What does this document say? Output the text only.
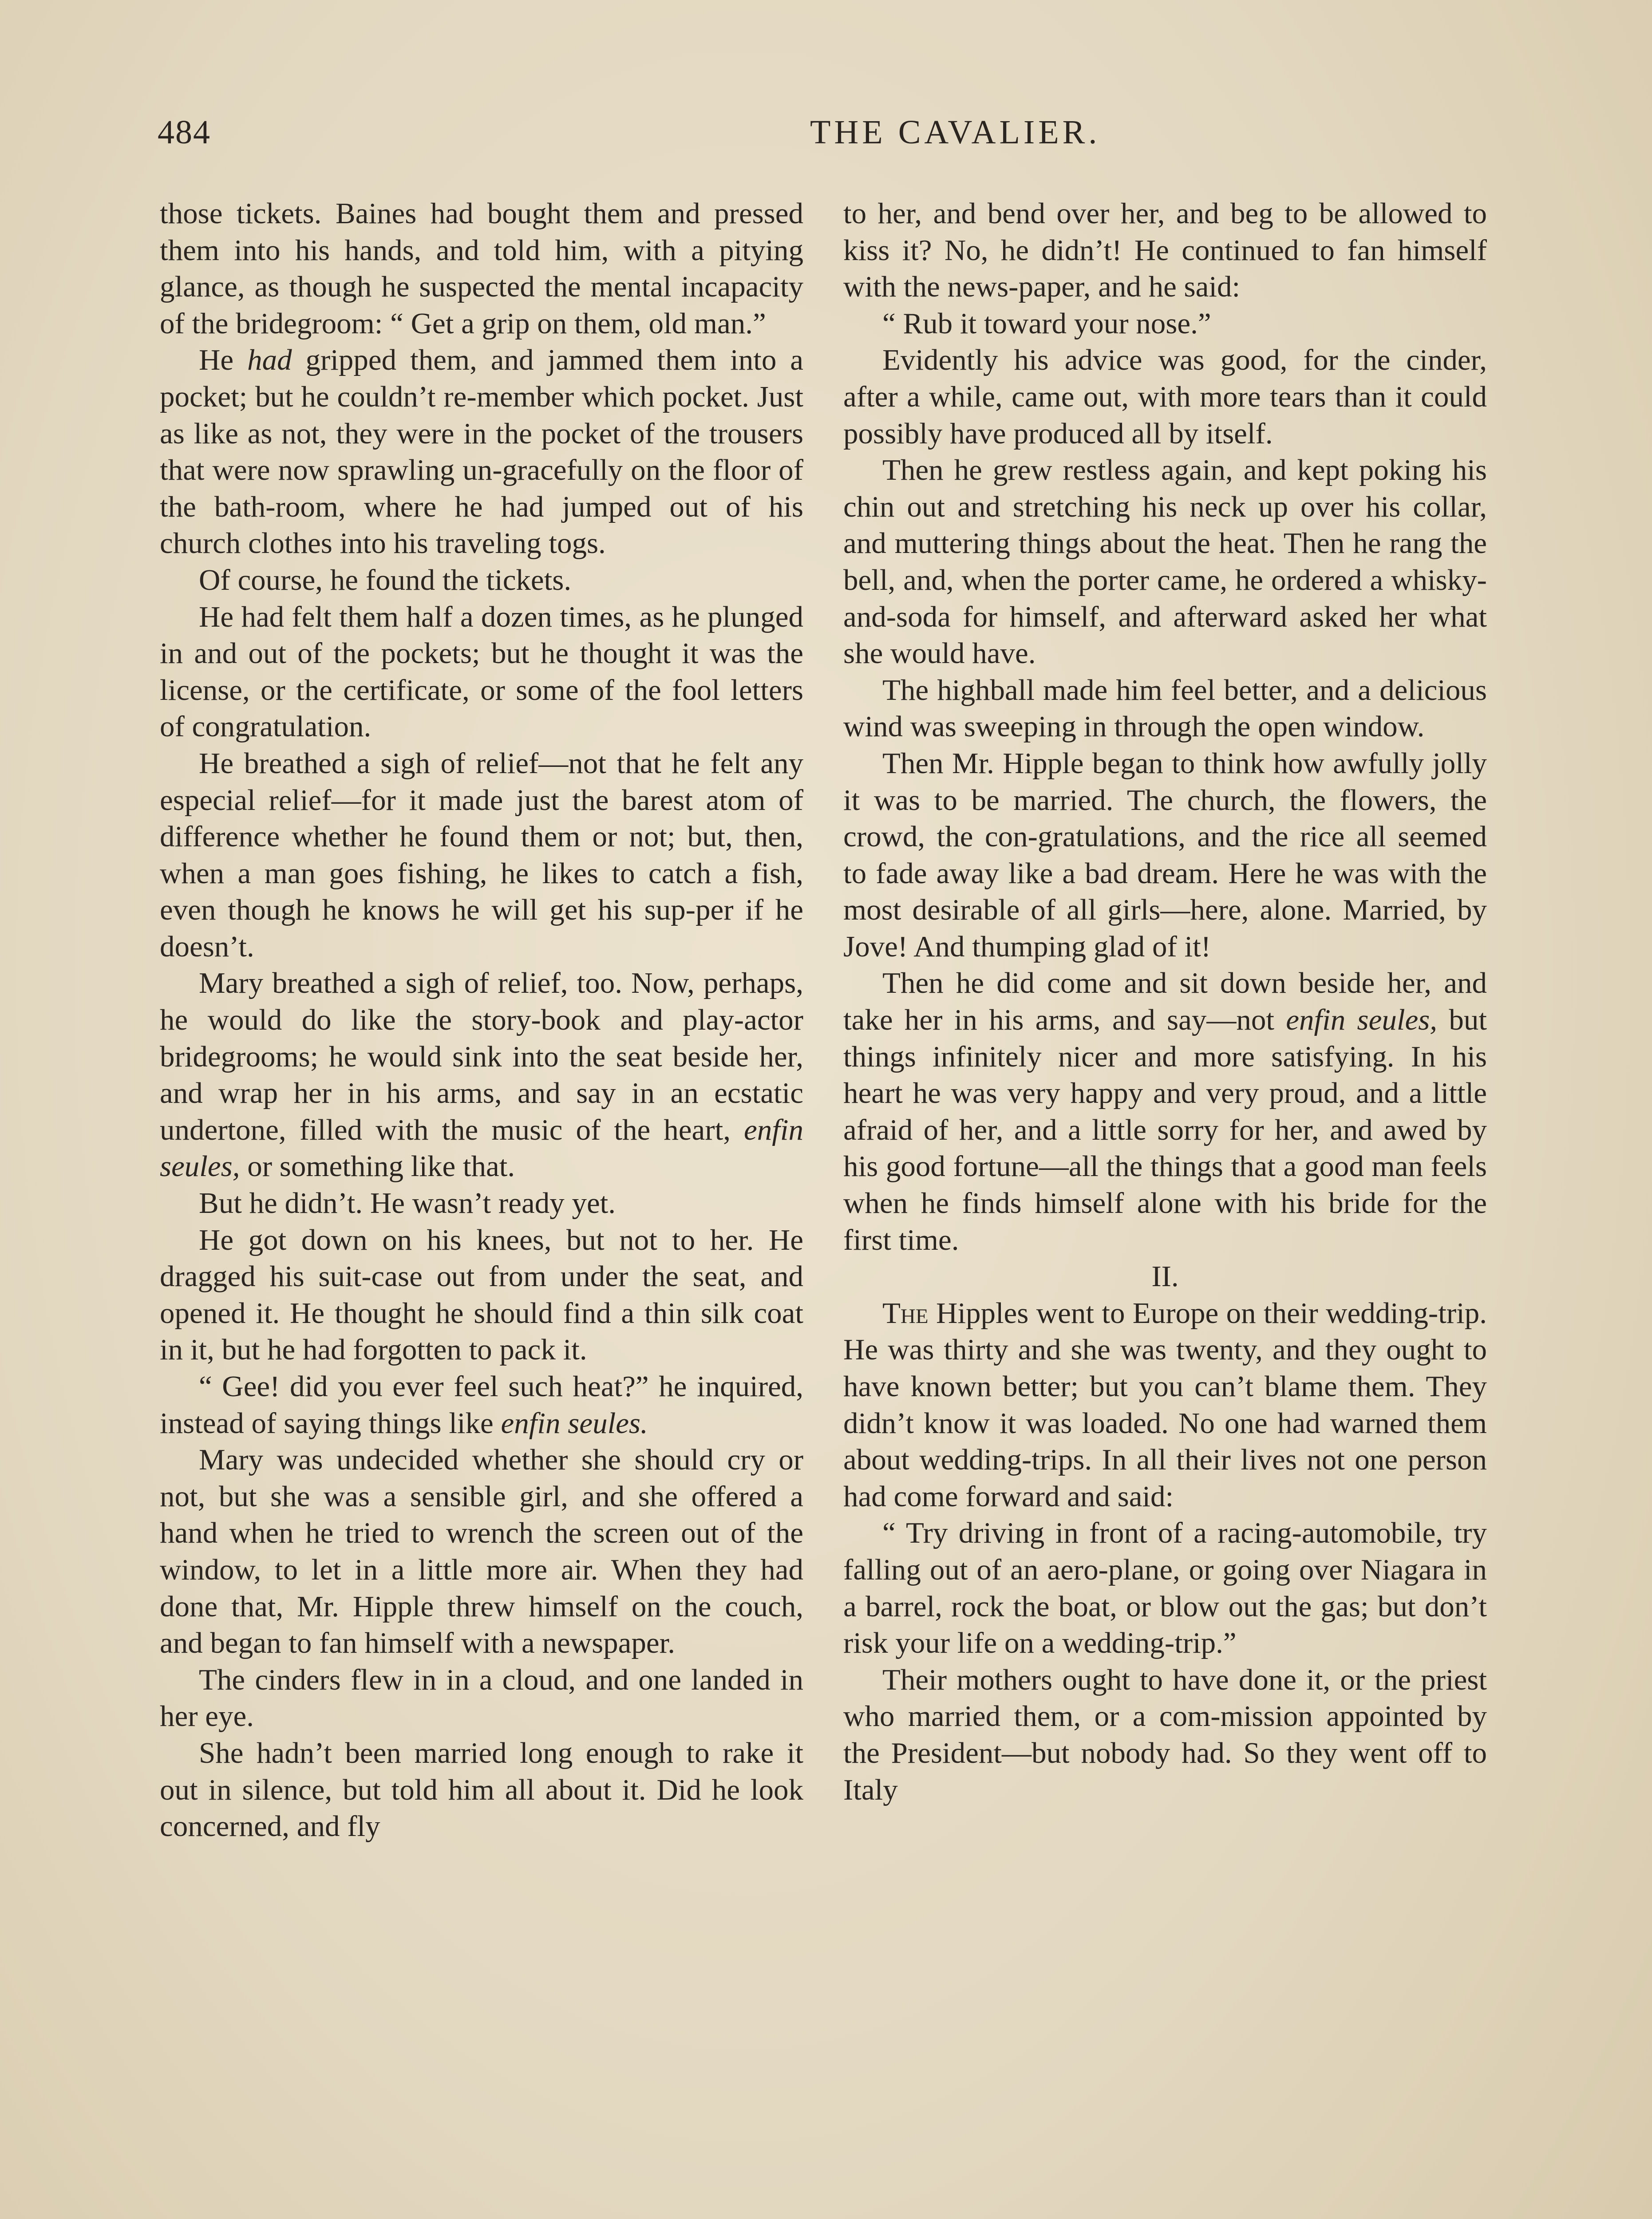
484	THE CAVALIER.

those tickets. Baines had bought them and pressed them into his hands, and told him, with a pitying glance, as though he suspected the mental incapacity of the bridegroom: “ Get a grip on them, old man.”

He had gripped them, and jammed them into a pocket; but he couldn’t re-member which pocket. Just as like as not, they were in the pocket of the trousers that were now sprawling un-gracefully on the floor of the bath-room, where he had jumped out of his church clothes into his traveling togs.

Of course, he found the tickets.

He had felt them half a dozen times, as he plunged in and out of the pockets; but he thought it was the license, or the certificate, or some of the fool letters of congratulation.

He breathed a sigh of relief—not that he felt any especial relief—for it made just the barest atom of difference whether he found them or not; but, then, when a man goes fishing, he likes to catch a fish, even though he knows he will get his sup-per if he doesn’t.

Mary breathed a sigh of relief, too. Now, perhaps, he would do like the story-book and play-actor bridegrooms; he would sink into the seat beside her, and wrap her in his arms, and say in an ecstatic undertone, filled with the music of the heart, enfin seules, or something like that.

But he didn’t. He wasn’t ready yet.

He got down on his knees, but not to her. He dragged his suit-case out from under the seat, and opened it. He thought he should find a thin silk coat in it, but he had forgotten to pack it.

“ Gee! did you ever feel such heat?” he inquired, instead of saying things like enfin seules.

Mary was undecided whether she should cry or not, but she was a sensible girl, and she offered a hand when he tried to wrench the screen out of the window, to let in a little more air. When they had done that, Mr. Hipple threw himself on the couch, and began to fan himself with a newspaper.

The cinders flew in in a cloud, and one landed in her eye.

She hadn’t been married long enough to rake it out in silence, but told him all about it. Did he look concerned, and fly

to her, and bend over her, and beg to be allowed to kiss it? No, he didn’t! He continued to fan himself with the news-paper, and he said:

“ Rub it toward your nose.”

Evidently his advice was good, for the cinder, after a while, came out, with more tears than it could possibly have produced all by itself.

Then he grew restless again, and kept poking his chin out and stretching his neck up over his collar, and muttering things about the heat. Then he rang the bell, and, when the porter came, he ordered a whisky-and-soda for himself, and afterward asked her what she would have.

The highball made him feel better, and a delicious wind was sweeping in through the open window.

Then Mr. Hipple began to think how awfully jolly it was to be married. The church, the flowers, the crowd, the con-gratulations, and the rice all seemed to fade away like a bad dream. Here he was with the most desirable of all girls—here, alone. Married, by Jove! And thumping glad of it!

Then he did come and sit down beside her, and take her in his arms, and say—not enfin seules, but things infinitely nicer and more satisfying. In his heart he was very happy and very proud, and a little afraid of her, and a little sorry for her, and awed by his good fortune—all the things that a good man feels when he finds himself alone with his bride for the first time.

II.

The Hipples went to Europe on their wedding-trip. He was thirty and she was twenty, and they ought to have known better; but you can’t blame them. They didn’t know it was loaded. No one had warned them about wedding-trips. In all their lives not one person had come forward and said:

“ Try driving in front of a racing-automobile, try falling out of an aero-plane, or going over Niagara in a barrel, rock the boat, or blow out the gas; but don’t risk your life on a wedding-trip.”

Their mothers ought to have done it, or the priest who married them, or a com-mission appointed by the President—but nobody had. So they went off to Italy
